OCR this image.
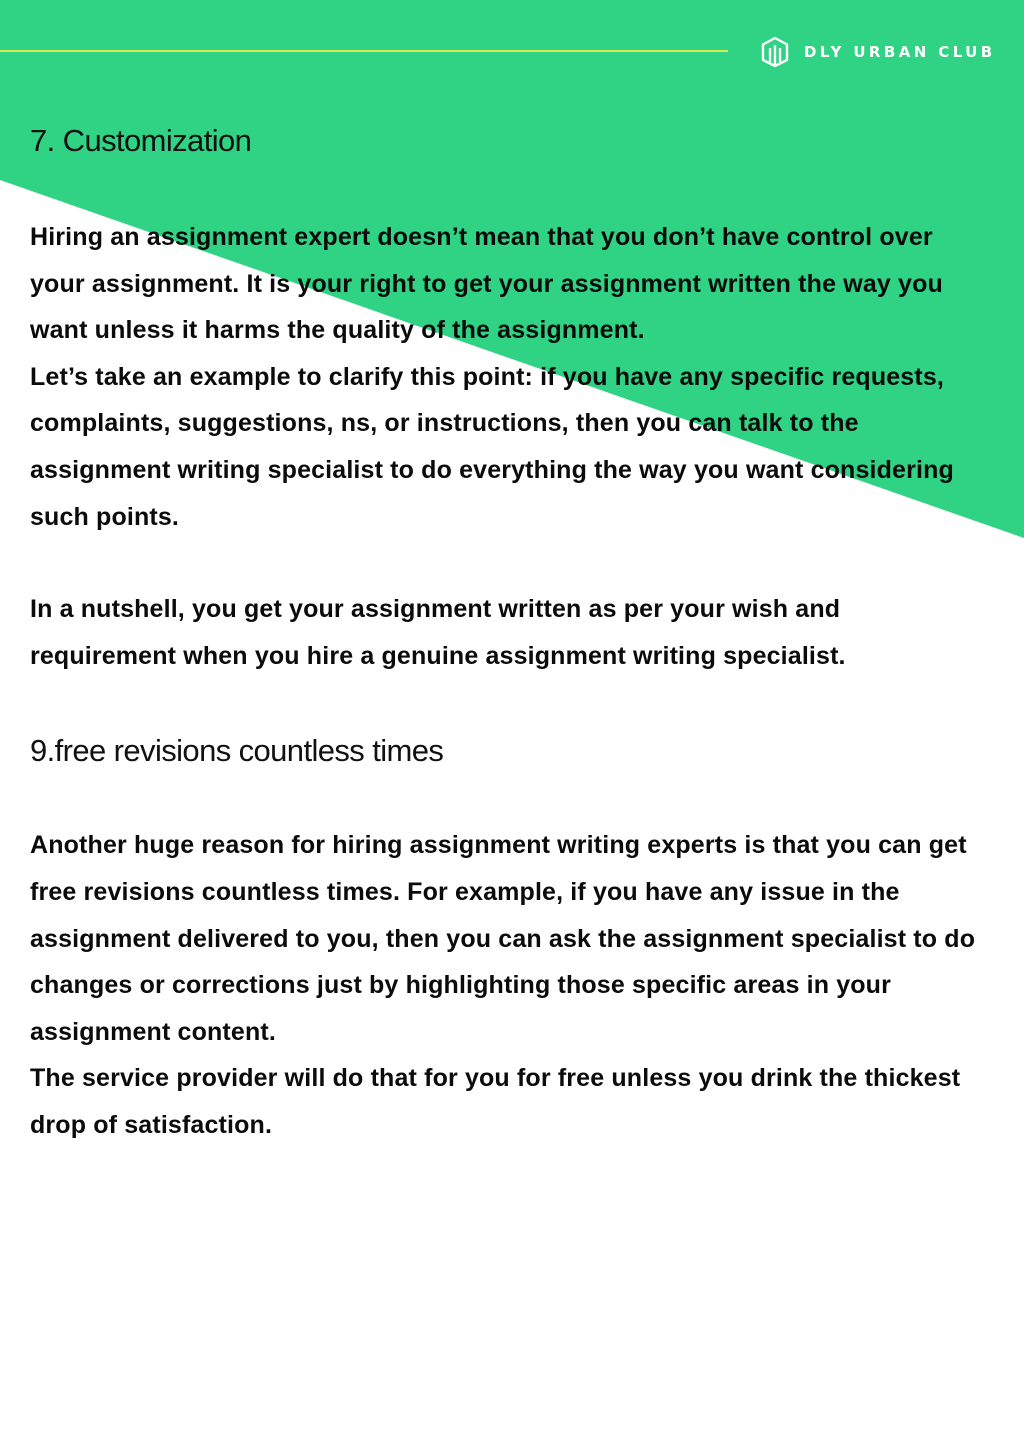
DLY URBAN CLUB
7. Customization

Hiring an assignment expert doesn’t mean that you don’t have control over your assignment. It is your right to get your assignment written the way you want unless it harms the quality of the assignment.

Let’s take an example to clarify this point: if you have any specific requests, complaints, suggestions, ns, or instructions, then you can talk to the assignment writing specialist to do everything the way you want considering such points.

In a nutshell, you get your assignment written as per your wish and requirement when you hire a genuine assignment writing specialist.

9.free revisions countless times

Another huge reason for hiring assignment writing experts is that you can get free revisions countless times. For example, if you have any issue in the assignment delivered to you, then you can ask the assignment specialist to do changes or corrections just by highlighting those specific areas in your assignment content.

The service provider will do that for you for free unless you drink the thickest drop of satisfaction.
